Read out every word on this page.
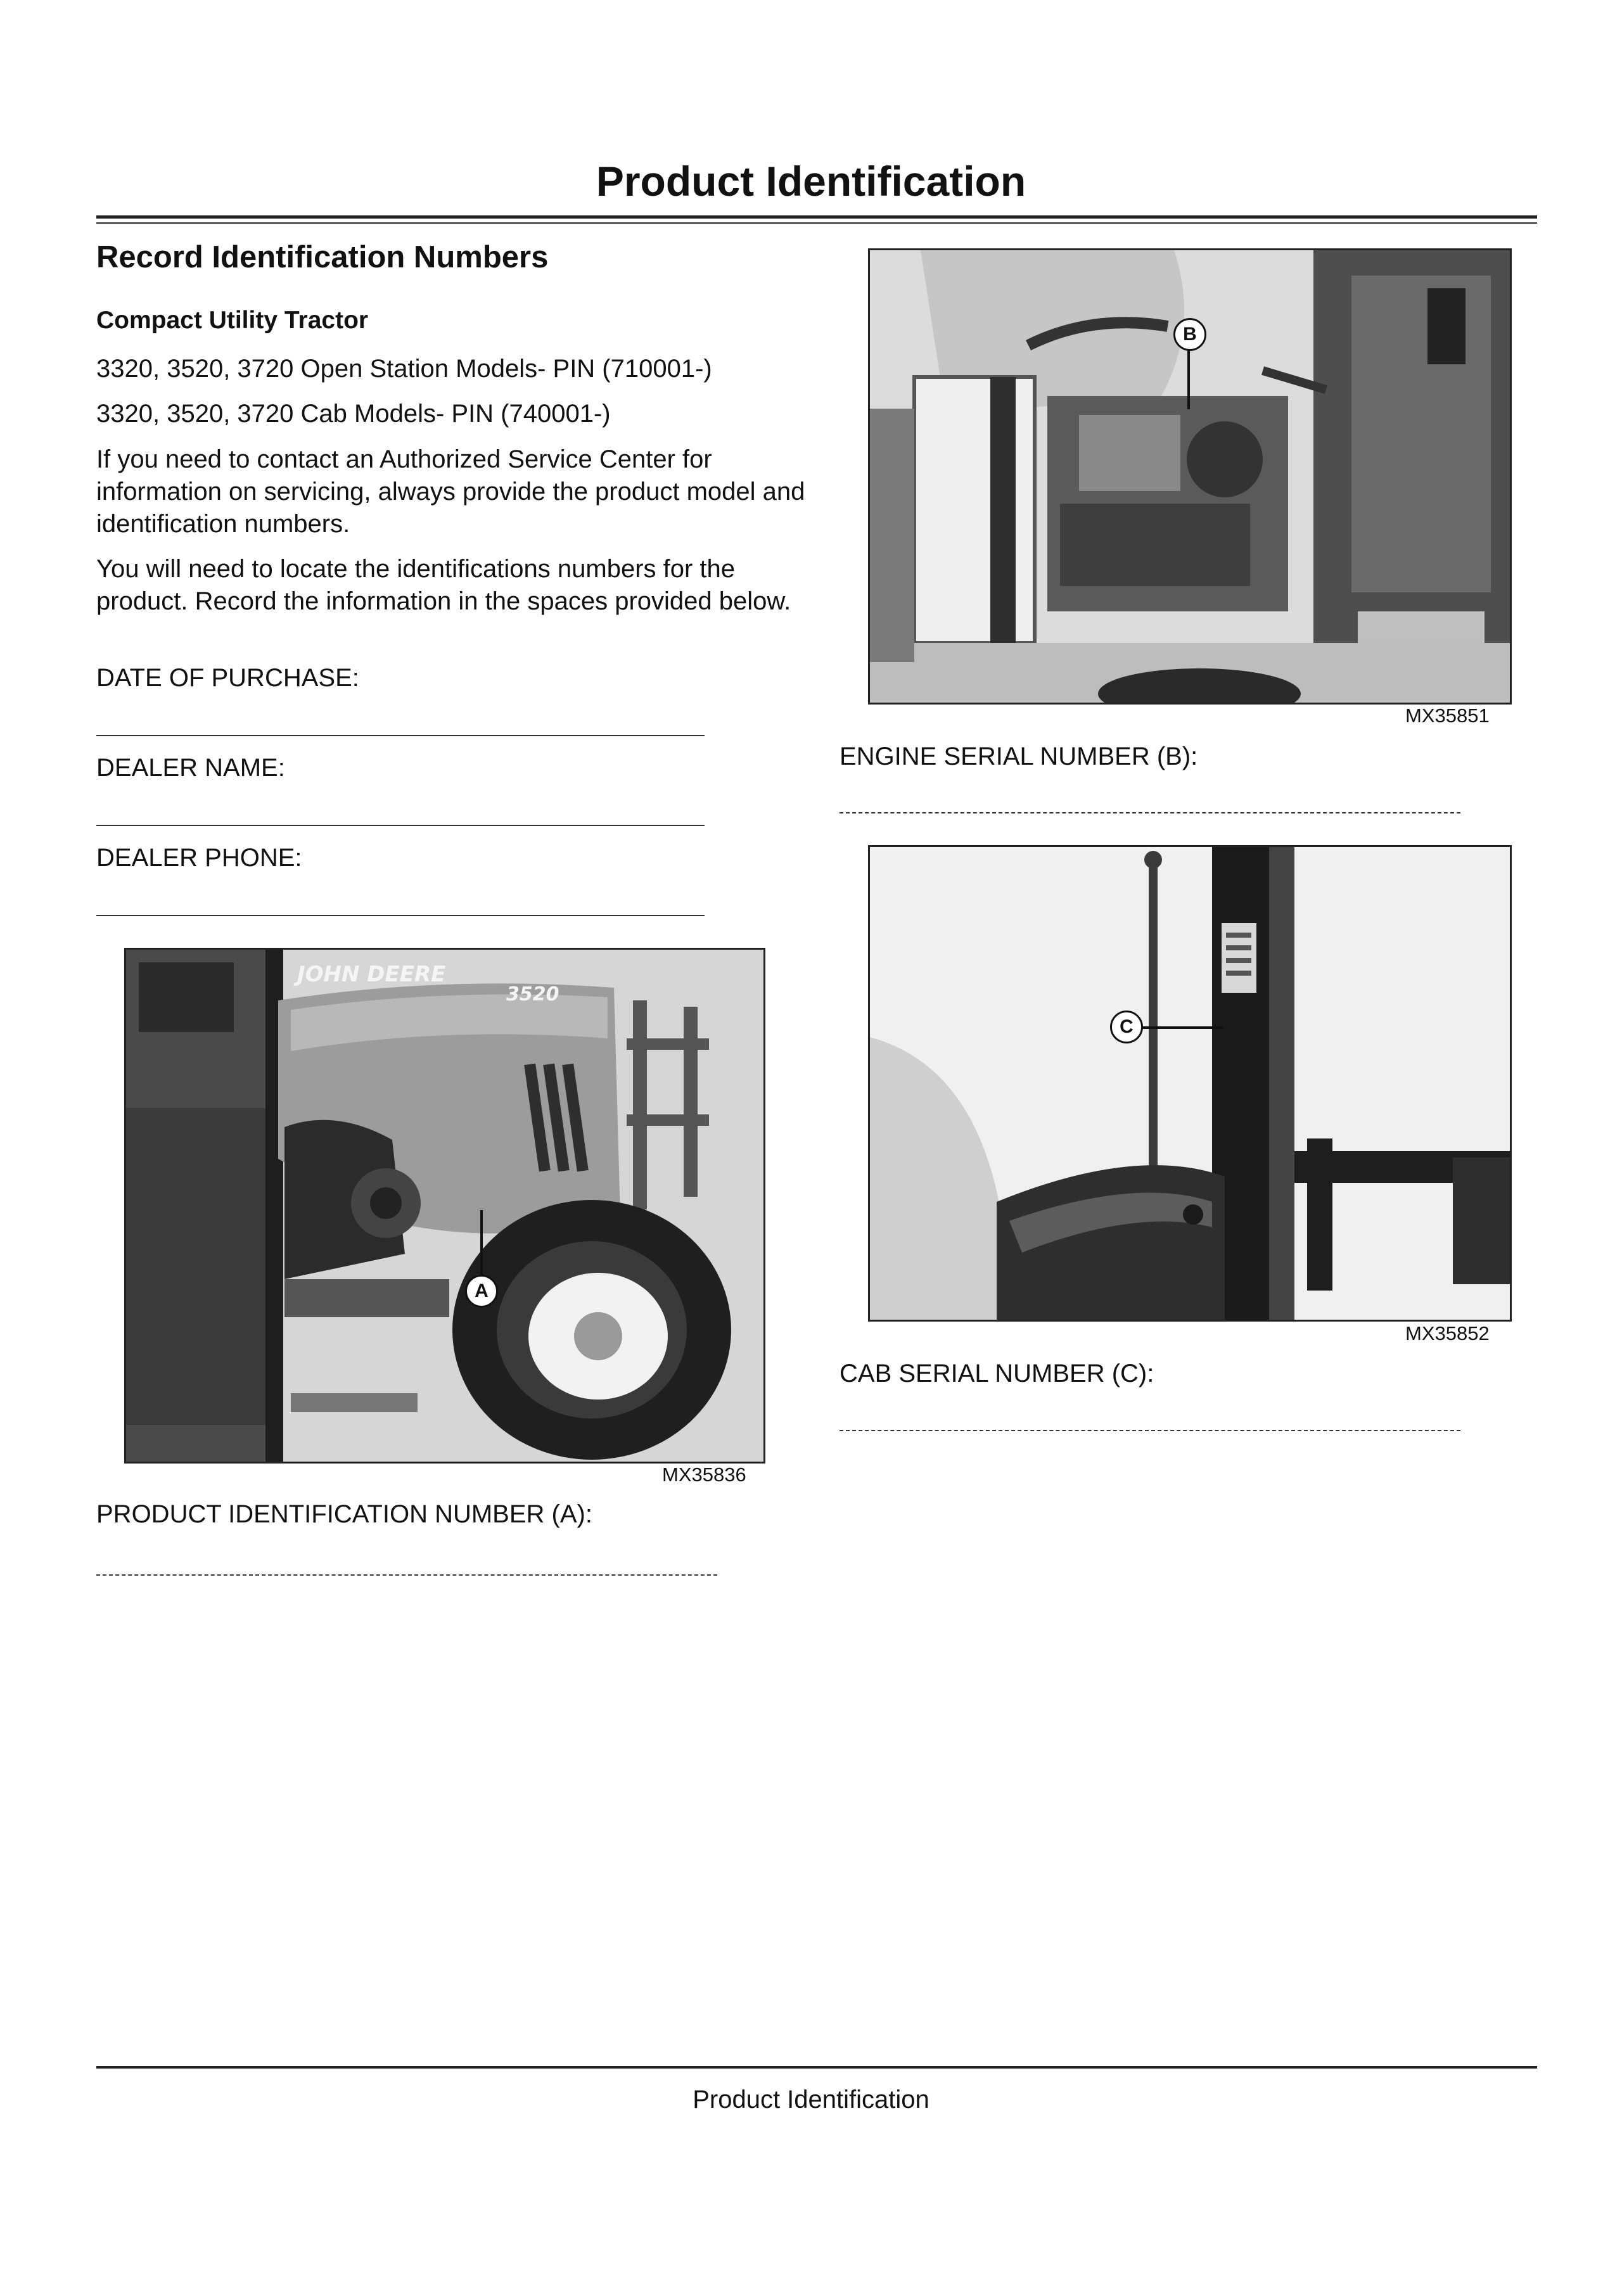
Product Identification
Record Identification Numbers
Compact Utility Tractor
3320, 3520, 3720 Open Station Models- PIN (710001-)
3320, 3520, 3720 Cab Models- PIN (740001-)
If you need to contact an Authorized Service Center for information on servicing, always provide the product model and identification numbers.
You will need to locate the identifications numbers for the product. Record the information in the spaces provided below.
DATE OF PURCHASE:
DEALER NAME:
DEALER PHONE:
JOHN DEERE
3520
A
MX35836
PRODUCT IDENTIFICATION NUMBER (A):
B
MX35851
ENGINE SERIAL NUMBER (B):
C
MX35852
CAB SERIAL NUMBER (C):
Product Identification
